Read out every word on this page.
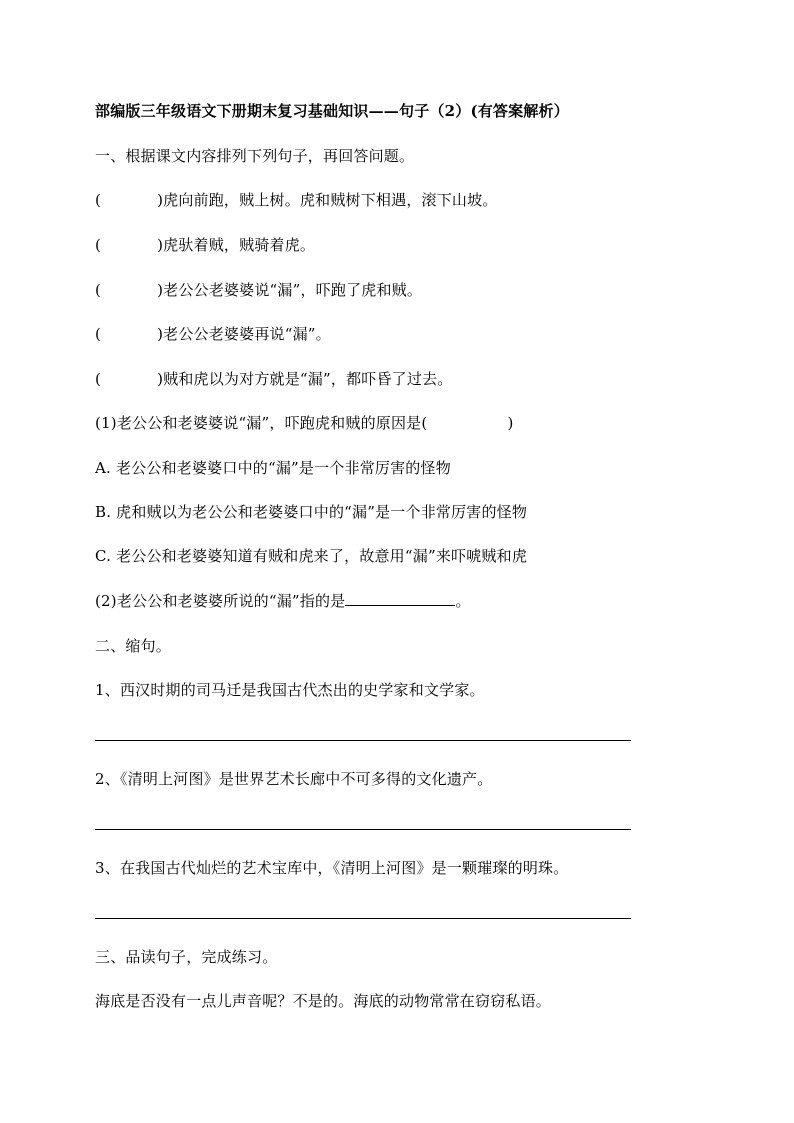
部编版三年级语文下册期末复习基础知识——句子（2）(有答案解析）
一、根据课文内容排列下列句子，再回答问题。
(	)虎向前跑，贼上树。虎和贼树下相遇，滚下山坡。
(	)虎驮着贼，贼骑着虎。
(	)老公公老婆婆说“漏”，吓跑了虎和贼。
(	)老公公老婆婆再说“漏”。
(	)贼和虎以为对方就是“漏”，都吓昏了过去。
(1)老公公和老婆婆说“漏”，吓跑虎和贼的原因是(	)
A. 老公公和老婆婆口中的“漏”是一个非常厉害的怪物
B. 虎和贼以为老公公和老婆婆口中的“漏”是一个非常厉害的怪物
C. 老公公和老婆婆知道有贼和虎来了，故意用“漏”来吓唬贼和虎
(2)老公公和老婆婆所说的“漏”指的是	。
二、缩句。
1、西汉时期的司马迁是我国古代杰出的史学家和文学家。
2、《清明上河图》是世界艺术长廊中不可多得的文化遗产。
3、在我国古代灿烂的艺术宝库中，《清明上河图》是一颗璀璨的明珠。
三、品读句子，完成练习。
海底是否没有一点儿声音呢？不是的。海底的动物常常在窃窃私语。
